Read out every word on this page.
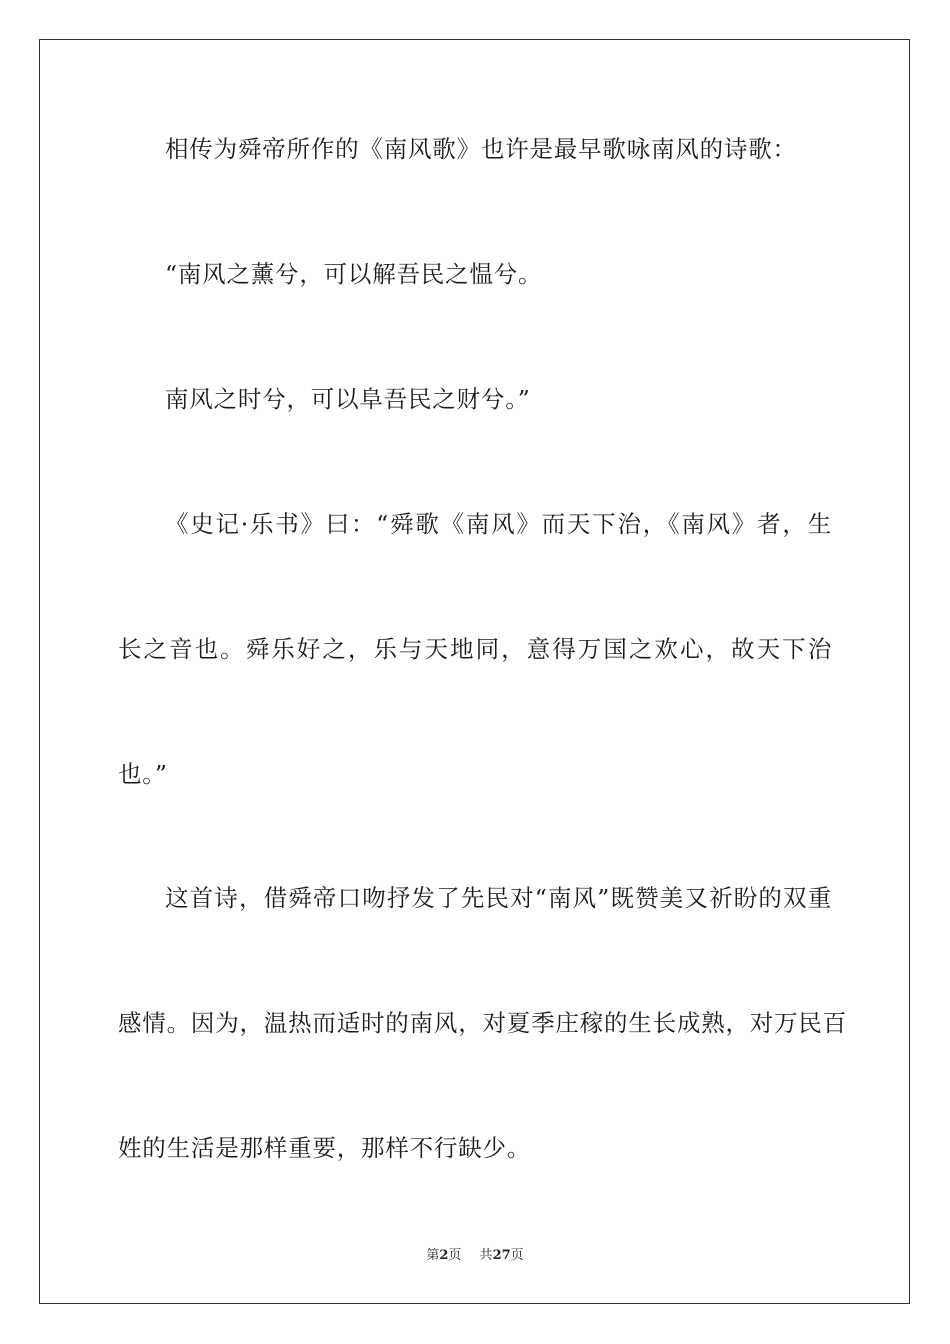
相传为舜帝所作的《南风歌》也许是最早歌咏南风的诗歌：

“南风之薰兮，可以解吾民之愠兮。

南风之时兮，可以阜吾民之财兮。”

《史记·乐书》曰：“舜歌《南风》而天下治，《南风》者，生

长之音也。舜乐好之，乐与天地同，意得万国之欢心，故天下治

也。”

这首诗，借舜帝口吻抒发了先民对“南风”既赞美又祈盼的双重

感情。因为，温热而适时的南风，对夏季庄稼的生长成熟，对万民百

姓的生活是那样重要，那样不行缺少。

第2页 共27页
